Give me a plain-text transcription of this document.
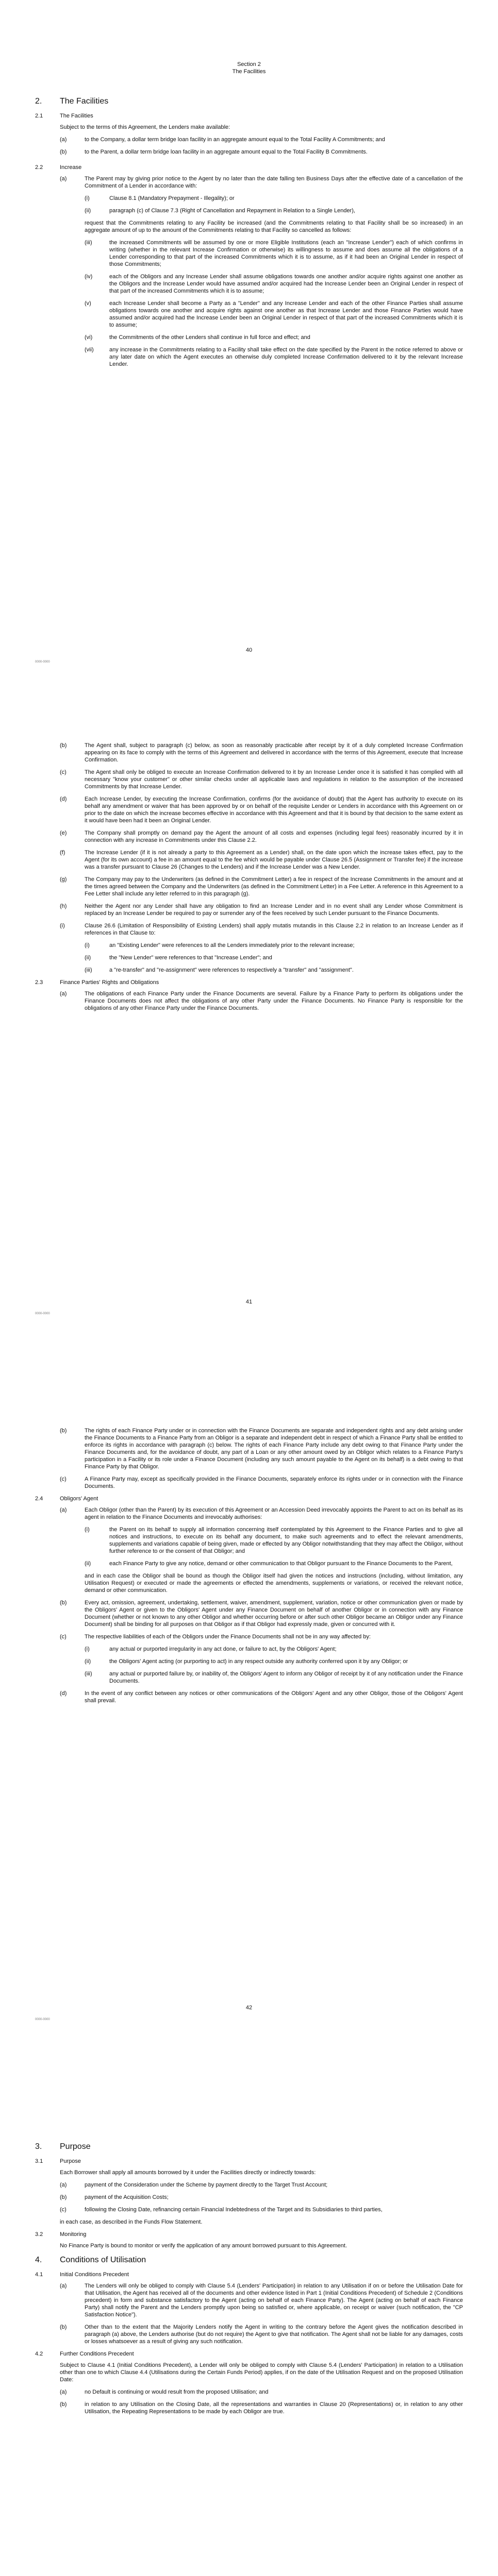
Section 2
The Facilities
2.	The Facilities
2.1	The Facilities
Subject to the terms of this Agreement, the Lenders make available:
(a)	to the Company, a dollar term bridge loan facility in an aggregate amount equal to the Total Facility A Commitments; and
(b)	to the Parent, a dollar term bridge loan facility in an aggregate amount equal to the Total Facility B Commitments.
2.2	Increase
(a)	The Parent may by giving prior notice to the Agent by no later than the date falling ten Business Days after the effective date of a cancellation of the Commitment of a Lender in accordance with:
(i)	Clause 8.1 (Mandatory Prepayment - Illegality); or
(ii)	paragraph (c) of Clause 7.3 (Right of Cancellation and Repayment in Relation to a Single Lender),
request that the Commitments relating to any Facility be increased (and the Commitments relating to that Facility shall be so increased) in an aggregate amount of up to the amount of the Commitments relating to that Facility so cancelled as follows:
(iii)	the increased Commitments will be assumed by one or more Eligible Institutions (each an "Increase Lender") each of which confirms in writing (whether in the relevant Increase Confirmation or otherwise) its willingness to assume and does assume all the obligations of a Lender corresponding to that part of the increased Commitments which it is to assume, as if it had been an Original Lender in respect of those Commitments;
(iv)	each of the Obligors and any Increase Lender shall assume obligations towards one another and/or acquire rights against one another as the Obligors and the Increase Lender would have assumed and/or acquired had the Increase Lender been an Original Lender in respect of that part of the increased Commitments which it is to assume;
(v)	each Increase Lender shall become a Party as a "Lender" and any Increase Lender and each of the other Finance Parties shall assume obligations towards one another and acquire rights against one another as that Increase Lender and those Finance Parties would have assumed and/or acquired had the Increase Lender been an Original Lender in respect of that part of the increased Commitments which it is to assume;
(vi)	the Commitments of the other Lenders shall continue in full force and effect; and
(vii)	any increase in the Commitments relating to a Facility shall take effect on the date specified by the Parent in the notice referred to above or any later date on which the Agent executes an otherwise duly completed Increase Confirmation delivered to it by the relevant Increase Lender.
40
0000-0000
(b)	The Agent shall, subject to paragraph (c) below, as soon as reasonably practicable after receipt by it of a duly completed Increase Confirmation appearing on its face to comply with the terms of this Agreement and delivered in accordance with the terms of this Agreement, execute that Increase Confirmation.
(c)	The Agent shall only be obliged to execute an Increase Confirmation delivered to it by an Increase Lender once it is satisfied it has complied with all necessary "know your customer" or other similar checks under all applicable laws and regulations in relation to the assumption of the increased Commitments by that Increase Lender.
(d)	Each Increase Lender, by executing the Increase Confirmation, confirms (for the avoidance of doubt) that the Agent has authority to execute on its behalf any amendment or waiver that has been approved by or on behalf of the requisite Lender or Lenders in accordance with this Agreement on or prior to the date on which the increase becomes effective in accordance with this Agreement and that it is bound by that decision to the same extent as it would have been had it been an Original Lender.
(e)	The Company shall promptly on demand pay the Agent the amount of all costs and expenses (including legal fees) reasonably incurred by it in connection with any increase in Commitments under this Clause 2.2.
(f)	The Increase Lender (if it is not already a party to this Agreement as a Lender) shall, on the date upon which the increase takes effect, pay to the Agent (for its own account) a fee in an amount equal to the fee which would be payable under Clause 26.5 (Assignment or Transfer fee) if the increase was a transfer pursuant to Clause 26 (Changes to the Lenders) and if the Increase Lender was a New Lender.
(g)	The Company may pay to the Underwriters (as defined in the Commitment Letter) a fee in respect of the Increase Commitments in the amount and at the times agreed between the Company and the Underwriters (as defined in the Commitment Letter) in a Fee Letter. A reference in this Agreement to a Fee Letter shall include any letter referred to in this paragraph (g).
(h)	Neither the Agent nor any Lender shall have any obligation to find an Increase Lender and in no event shall any Lender whose Commitment is replaced by an Increase Lender be required to pay or surrender any of the fees received by such Lender pursuant to the Finance Documents.
(i)	Clause 26.6 (Limitation of Responsibility of Existing Lenders) shall apply mutatis mutandis in this Clause 2.2 in relation to an Increase Lender as if references in that Clause to:
(i)	an "Existing Lender" were references to all the Lenders immediately prior to the relevant increase;
(ii)	the "New Lender" were references to that "Increase Lender"; and
(iii)	a "re-transfer" and "re-assignment" were references to respectively a "transfer" and "assignment".
2.3	Finance Parties' Rights and Obligations
(a)	The obligations of each Finance Party under the Finance Documents are several. Failure by a Finance Party to perform its obligations under the Finance Documents does not affect the obligations of any other Party under the Finance Documents. No Finance Party is responsible for the obligations of any other Finance Party under the Finance Documents.
41
0000-0000
(b)	The rights of each Finance Party under or in connection with the Finance Documents are separate and independent rights and any debt arising under the Finance Documents to a Finance Party from an Obligor is a separate and independent debt in respect of which a Finance Party shall be entitled to enforce its rights in accordance with paragraph (c) below. The rights of each Finance Party include any debt owing to that Finance Party under the Finance Documents and, for the avoidance of doubt, any part of a Loan or any other amount owed by an Obligor which relates to a Finance Party's participation in a Facility or its role under a Finance Document (including any such amount payable to the Agent on its behalf) is a debt owing to that Finance Party by that Obligor.
(c)	A Finance Party may, except as specifically provided in the Finance Documents, separately enforce its rights under or in connection with the Finance Documents.
2.4	Obligors' Agent
(a)	Each Obligor (other than the Parent) by its execution of this Agreement or an Accession Deed irrevocably appoints the Parent to act on its behalf as its agent in relation to the Finance Documents and irrevocably authorises:
(i)	the Parent on its behalf to supply all information concerning itself contemplated by this Agreement to the Finance Parties and to give all notices and instructions, to execute on its behalf any document, to make such agreements and to effect the relevant amendments, supplements and variations capable of being given, made or effected by any Obligor notwithstanding that they may affect the Obligor, without further reference to or the consent of that Obligor; and
(ii)	each Finance Party to give any notice, demand or other communication to that Obligor pursuant to the Finance Documents to the Parent,
and in each case the Obligor shall be bound as though the Obligor itself had given the notices and instructions (including, without limitation, any Utilisation Request) or executed or made the agreements or effected the amendments, supplements or variations, or received the relevant notice, demand or other communication.
(b)	Every act, omission, agreement, undertaking, settlement, waiver, amendment, supplement, variation, notice or other communication given or made by the Obligors' Agent or given to the Obligors' Agent under any Finance Document on behalf of another Obligor or in connection with any Finance Document (whether or not known to any other Obligor and whether occurring before or after such other Obligor became an Obligor under any Finance Document) shall be binding for all purposes on that Obligor as if that Obligor had expressly made, given or concurred with it.
(c)	The respective liabilities of each of the Obligors under the Finance Documents shall not be in any way affected by:
(i)	any actual or purported irregularity in any act done, or failure to act, by the Obligors' Agent;
(ii)	the Obligors' Agent acting (or purporting to act) in any respect outside any authority conferred upon it by any Obligor; or
(iii)	any actual or purported failure by, or inability of, the Obligors' Agent to inform any Obligor of receipt by it of any notification under the Finance Documents.
(d)	In the event of any conflict between any notices or other communications of the Obligors' Agent and any other Obligor, those of the Obligors' Agent shall prevail.
42
0000-0000
3.	Purpose
3.1	Purpose
Each Borrower shall apply all amounts borrowed by it under the Facilities directly or indirectly towards:
(a)	payment of the Consideration under the Scheme by payment directly to the Target Trust Account;
(b)	payment of the Acquisition Costs;
(c)	following the Closing Date, refinancing certain Financial Indebtedness of the Target and its Subsidiaries to third parties,
in each case, as described in the Funds Flow Statement.
3.2	Monitoring
No Finance Party is bound to monitor or verify the application of any amount borrowed pursuant to this Agreement.
4.	Conditions of Utilisation
4.1	Initial Conditions Precedent
(a)	The Lenders will only be obliged to comply with Clause 5.4 (Lenders' Participation) in relation to any Utilisation if on or before the Utilisation Date for that Utilisation, the Agent has received all of the documents and other evidence listed in Part 1 (Initial Conditions Precedent) of Schedule 2 (Conditions precedent) in form and substance satisfactory to the Agent (acting on behalf of each Finance Party). The Agent (acting on behalf of each Finance Party) shall notify the Parent and the Lenders promptly upon being so satisfied or, where applicable, on receipt or waiver (such notification, the "CP Satisfaction Notice").
(b)	Other than to the extent that the Majority Lenders notify the Agent in writing to the contrary before the Agent gives the notification described in paragraph (a) above, the Lenders authorise (but do not require) the Agent to give that notification. The Agent shall not be liable for any damages, costs or losses whatsoever as a result of giving any such notification.
4.2	Further Conditions Precedent
Subject to Clause 4.1 (Initial Conditions Precedent), a Lender will only be obliged to comply with Clause 5.4 (Lenders' Participation) in relation to a Utilisation other than one to which Clause 4.4 (Utilisations during the Certain Funds Period) applies, if on the date of the Utilisation Request and on the proposed Utilisation Date:
(a)	no Default is continuing or would result from the proposed Utilisation; and
(b)	in relation to any Utilisation on the Closing Date, all the representations and warranties in Clause 20 (Representations) or, in relation to any other Utilisation, the Repeating Representations to be made by each Obligor are true.
